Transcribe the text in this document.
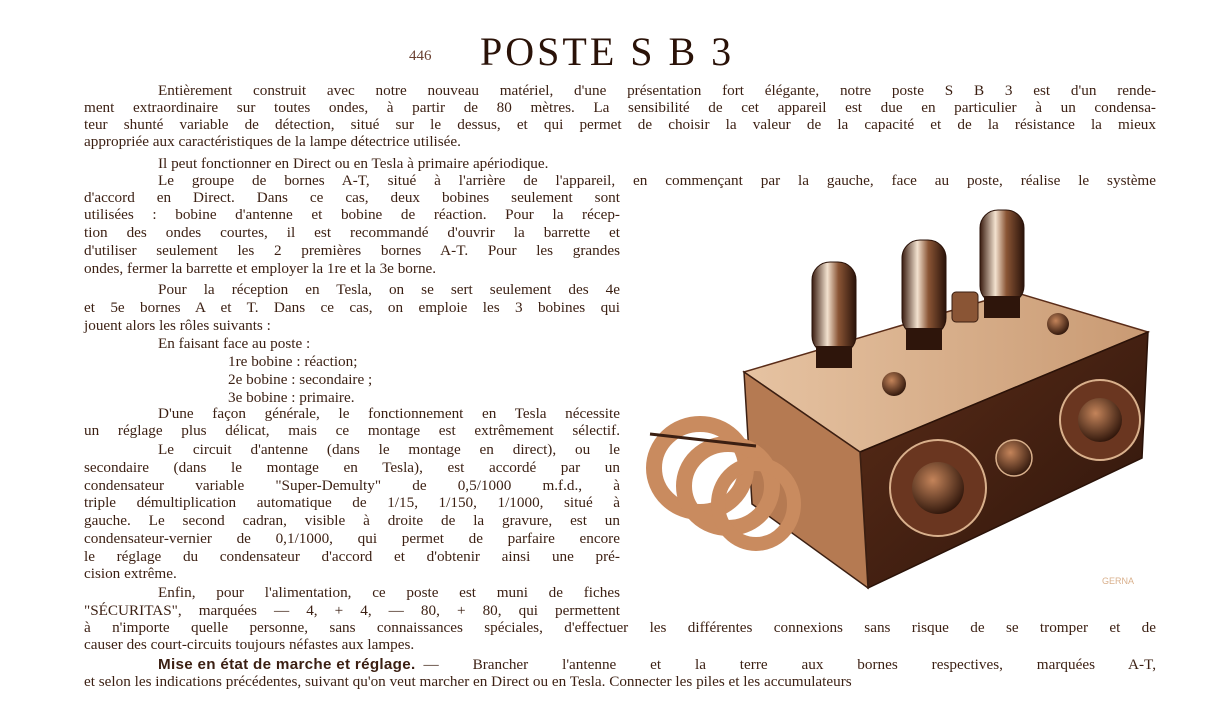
446 POSTE S B 3
Entièrement construit avec notre nouveau matériel, d'une présentation fort élégante, notre poste S B 3 est d'un rende-
ment extraordinaire sur toutes ondes, à partir de 80 mètres. La sensibilité de cet appareil est due en particulier à un condensa-
teur shunté variable de détection, situé sur le dessus, et qui permet de choisir la valeur de la capacité et de la résistance la mieux
appropriée aux caractéristiques de la lampe détectrice utilisée.
Il peut fonctionner en Direct ou en Tesla à primaire apériodique.
Le groupe de bornes A-T, situé à l'arrière de l'appareil, en commençant par la gauche, face au poste, réalise le système
d'accord en Direct. Dans ce cas, deux bobines seulement sont
utilisées : bobine d'antenne et bobine de réaction. Pour la récep-
tion des ondes courtes, il est recommandé d'ouvrir la barrette et
d'utiliser seulement les 2 premières bornes A-T. Pour les grandes
ondes, fermer la barrette et employer la 1re et la 3e borne.
Pour la réception en Tesla, on se sert seulement des 4e
et 5e bornes A et T. Dans ce cas, on emploie les 3 bobines qui
jouent alors les rôles suivants :
En faisant face au poste :
1re bobine : réaction;
2e bobine : secondaire ;
3e bobine : primaire.
D'une façon générale, le fonctionnement en Tesla nécessite
un réglage plus délicat, mais ce montage est extrêmement sélectif.
Le circuit d'antenne (dans le montage en direct), ou le
secondaire (dans le montage en Tesla), est accordé par un
condensateur variable "Super-Demulty" de 0,5/1000 m.f.d., à
triple démultiplication automatique de 1/15, 1/150, 1/1000, situé à
gauche. Le second cadran, visible à droite de la gravure, est un
condensateur-vernier de 0,1/1000, qui permet de parfaire encore
le réglage du condensateur d'accord et d'obtenir ainsi une pré-
cision extrême.
Enfin, pour l'alimentation, ce poste est muni de fiches
"SÉCURITAS", marquées — 4, + 4, — 80, + 80, qui permettent
à n'importe quelle personne, sans connaissances spéciales, d'effectuer les différentes connexions sans risque de se tromper et de
causer des court-circuits toujours néfastes aux lampes.
Mise en état de marche et réglage. — Brancher l'antenne et la terre aux bornes respectives, marquées A-T,
et selon les indications précédentes, suivant qu'on veut marcher en Direct ou en Tesla. Connecter les piles et les accumulateurs
GERNA
